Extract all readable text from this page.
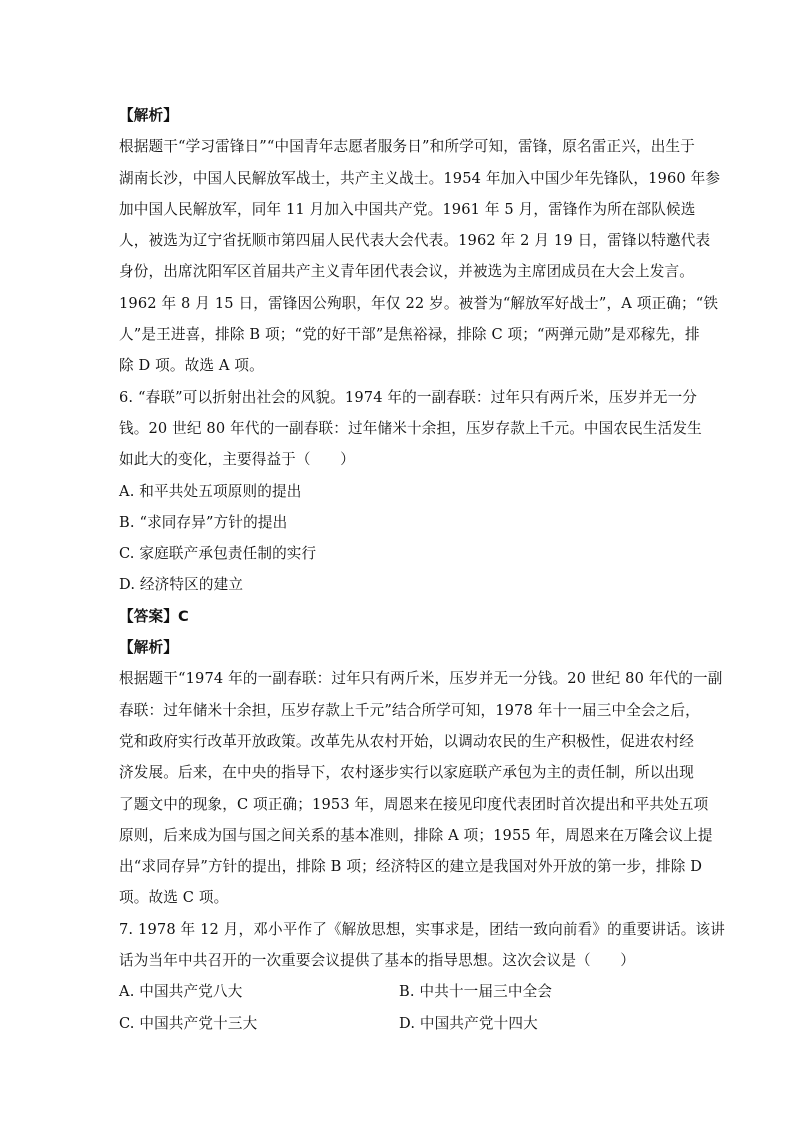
【解析】
根据题干“学习雷锋日”“中国青年志愿者服务日”和所学可知，雷锋，原名雷正兴，出生于
湖南长沙，中国人民解放军战士，共产主义战士。1954 年加入中国少年先锋队，1960 年参
加中国人民解放军，同年 11 月加入中国共产党。1961 年 5 月，雷锋作为所在部队候选
人，被选为辽宁省抚顺市第四届人民代表大会代表。1962 年 2 月 19 日，雷锋以特邀代表
身份，出席沈阳军区首届共产主义青年团代表会议，并被选为主席团成员在大会上发言。
1962 年 8 月 15 日，雷锋因公殉职，年仅 22 岁。被誉为“解放军好战士”，A 项正确；“铁
人”是王进喜，排除 B 项；“党的好干部”是焦裕禄，排除 C 项；“两弹元勋”是邓稼先，排
除 D 项。故选 A 项。
6. “春联”可以折射出社会的风貌。1974 年的一副春联：过年只有两斤米，压岁并无一分
钱。20 世纪 80 年代的一副春联：过年储米十余担，压岁存款上千元。中国农民生活发生
如此大的变化，主要得益于（　　）
A. 和平共处五项原则的提出
B. “求同存异”方针的提出
C. 家庭联产承包责任制的实行
D. 经济特区的建立
【答案】C
【解析】
根据题干“1974 年的一副春联：过年只有两斤米，压岁并无一分钱。20 世纪 80 年代的一副
春联：过年储米十余担，压岁存款上千元”结合所学可知，1978 年十一届三中全会之后，
党和政府实行改革开放政策。改革先从农村开始，以调动农民的生产积极性，促进农村经
济发展。后来，在中央的指导下，农村逐步实行以家庭联产承包为主的责任制，所以出现
了题文中的现象，C 项正确；1953 年，周恩来在接见印度代表团时首次提出和平共处五项
原则，后来成为国与国之间关系的基本准则，排除 A 项；1955 年，周恩来在万隆会议上提
出“求同存异”方针的提出，排除 B 项；经济特区的建立是我国对外开放的第一步，排除 D
项。故选 C 项。
7. 1978 年 12 月，邓小平作了《解放思想，实事求是，团结一致向前看》的重要讲话。该讲
话为当年中共召开的一次重要会议提供了基本的指导思想。这次会议是（　　）
A. 中国共产党八大	B. 中共十一届三中全会
C. 中国共产党十三大	D. 中国共产党十四大
